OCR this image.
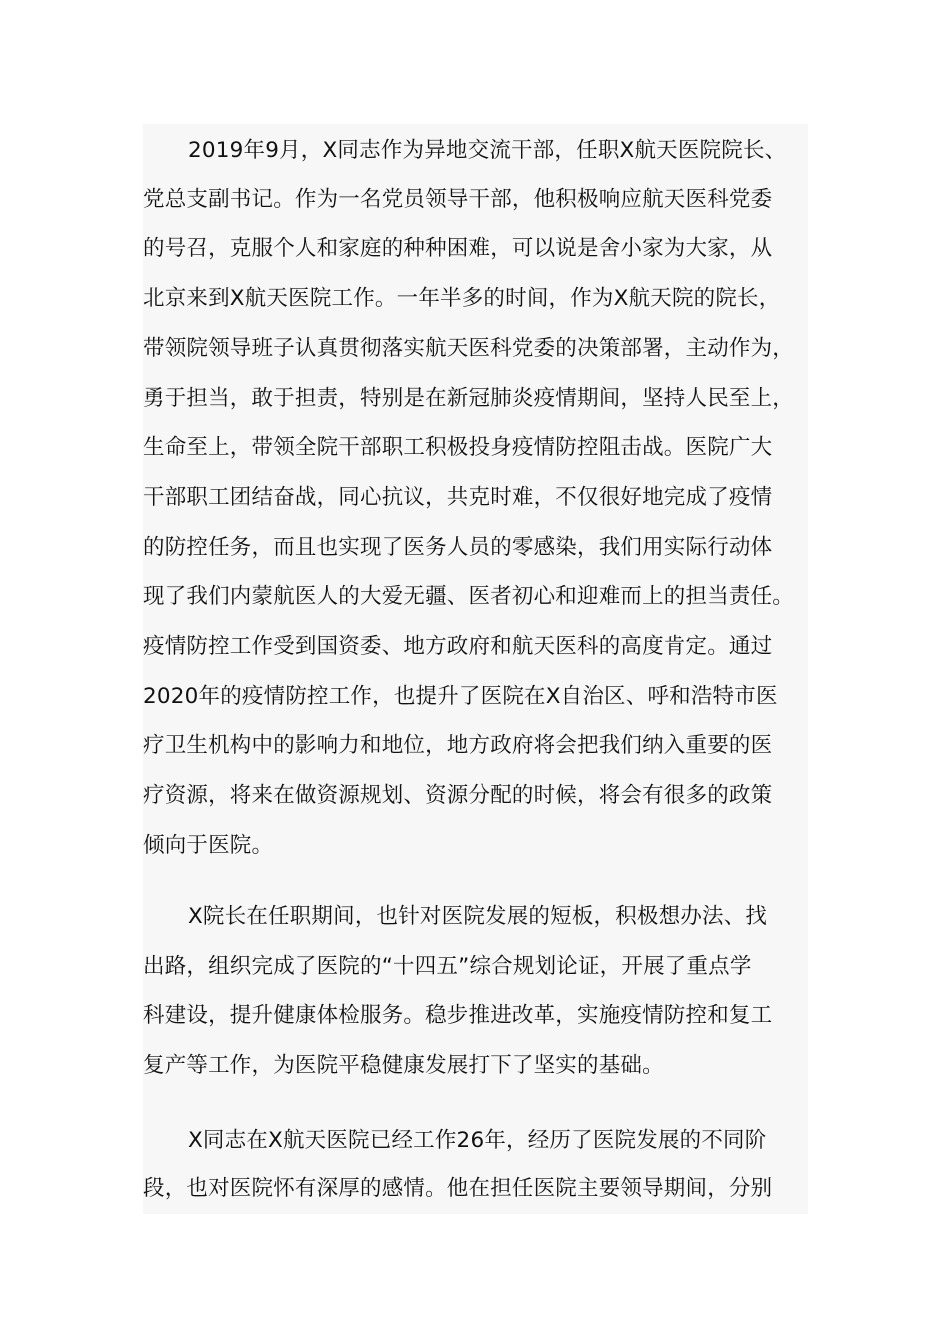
2019年9月，X同志作为异地交流干部，任职X航天医院院长、
党总支副书记。作为一名党员领导干部，他积极响应航天医科党委
的号召，克服个人和家庭的种种困难，可以说是舍小家为大家，从
北京来到X航天医院工作。一年半多的时间，作为X航天院的院长，
带领院领导班子认真贯彻落实航天医科党委的决策部署，主动作为，
勇于担当，敢于担责，特别是在新冠肺炎疫情期间，坚持人民至上，
生命至上，带领全院干部职工积极投身疫情防控阻击战。医院广大
干部职工团结奋战，同心抗议，共克时难，不仅很好地完成了疫情
的防控任务，而且也实现了医务人员的零感染，我们用实际行动体
现了我们内蒙航医人的大爱无疆、医者初心和迎难而上的担当责任。
疫情防控工作受到国资委、地方政府和航天医科的高度肯定。通过
2020年的疫情防控工作，也提升了医院在X自治区、呼和浩特市医
疗卫生机构中的影响力和地位，地方政府将会把我们纳入重要的医
疗资源，将来在做资源规划、资源分配的时候，将会有很多的政策
倾向于医院。
X院长在任职期间，也针对医院发展的短板，积极想办法、找
出路，组织完成了医院的“十四五”综合规划论证，开展了重点学
科建设，提升健康体检服务。稳步推进改革，实施疫情防控和复工
复产等工作，为医院平稳健康发展打下了坚实的基础。
X同志在X航天医院已经工作26年，经历了医院发展的不同阶
段，也对医院怀有深厚的感情。他在担任医院主要领导期间，分别
